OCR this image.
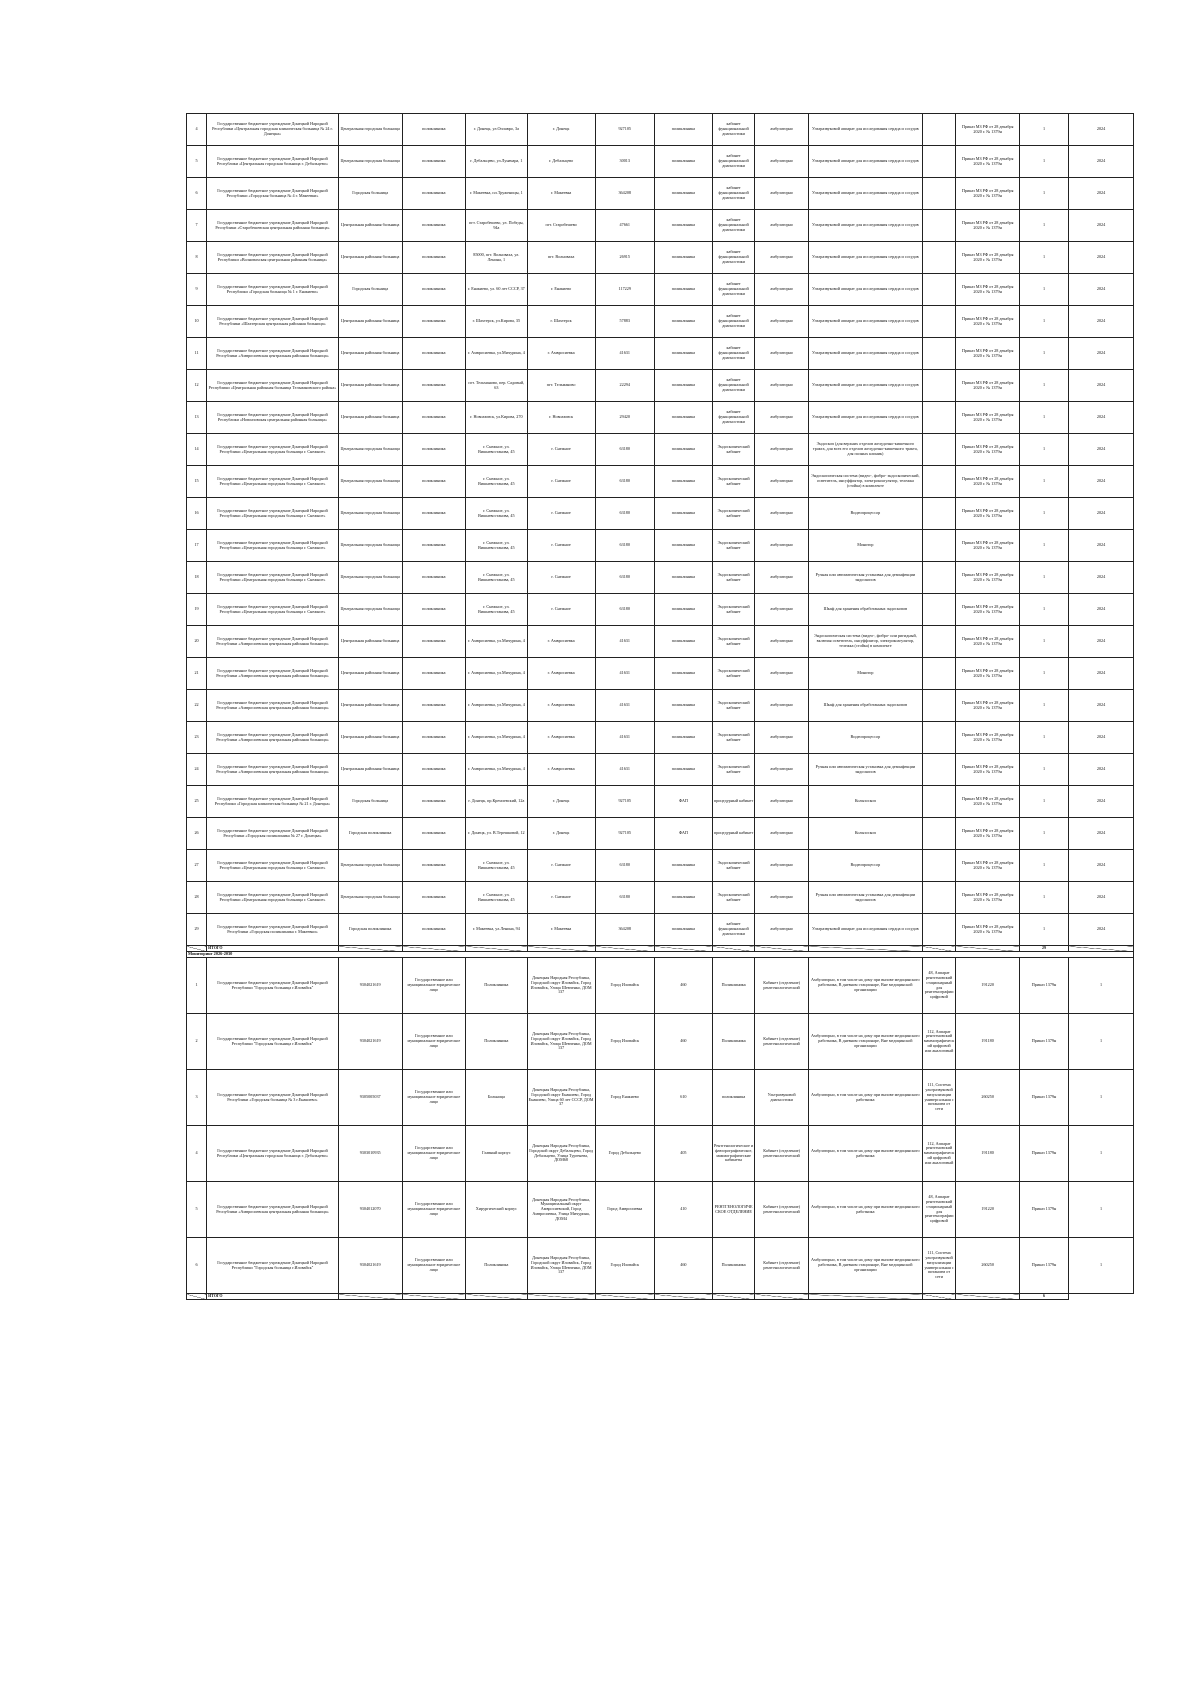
4	Государственное бюджетное учреждение Донецкой Народной Республики «Центральная городская клиническая больница № 24 г. Донецка»	Центральная городская больница	поликлиника	г. Донецк, ул.Оплавро, 3а	г. Донецк	927105	поликлиника	кабинет функциональной диагностики	амбулаторно	Ультразвуковой аппарат для исследования сердца и сосудов		Приказ МЗ РФ от 28 декабря 2020 г. № 1379н	1	2024
5	Государственное бюджетное учреждение Донецкой Народной Республики «Центральная городская больница г. Дебальцево»	Центральная городская больница	поликлиника	г. Дебальцево, ул.Луначара, 1	г. Дебальцево	30013	поликлиника	кабинет функциональной диагностики	амбулаторно	Ультразвуковой аппарат для исследования сердца и сосудов		Приказ МЗ РФ от 28 декабря 2020 г. № 1379н	1	2024
6	Государственное бюджетное учреждение Донецкой Народной Республики «Городская больница № 4 г. Макеевки»	Городская больница	поликлиника	г. Макеевка, пл.Труженицы, 1	г. Макеевка	364208	поликлиника	кабинет функциональной диагностики	амбулаторно	Ультразвуковой аппарат для исследования сердца и сосудов		Приказ МЗ РФ от 28 декабря 2020 г. № 1379н	1	2024
7	Государственное бюджетное учреждение Донецкой Народной Республики «Старобешевская центральная районная больница»	Центральная районная больница	поликлиника	пгт. Старобешево, ул. Победы, 94а	пгт. Старобешево	47661	поликлиника	кабинет функциональной диагностики	амбулаторно	Ультразвуковой аппарат для исследования сердца и сосудов		Приказ МЗ РФ от 28 декабря 2020 г. № 1379н	1	2024
8	Государственное бюджетное учреждение Донецкой Народной Республики «Волновахская центральная районная больница»	Центральная районная больница	поликлиника	85000, пгт. Волноваха, ул. Ленина, 1	пгт. Волноваха	26915	поликлиника	кабинет функциональной диагностики	амбулаторно	Ультразвуковой аппарат для исследования сердца и сосудов		Приказ МЗ РФ от 28 декабря 2020 г. № 1379н	1	2024
9	Государственное бюджетное учреждение Донецкой Народной Республики «Городская больница № 1 г. Енакиево»	Городская больница	поликлиника	г. Енакиево, ул. 60 лет СССР, 37	г. Енакиево	117229	поликлиника	кабинет функциональной диагностики	амбулаторно	Ультразвуковой аппарат для исследования сердца и сосудов		Приказ МЗ РФ от 28 декабря 2020 г. № 1379н	1	2024
10	Государственное бюджетное учреждение Донецкой Народной Республики «Шахтерская центральная районная больница»	Центральная районная больница	поликлиника	г. Шахтерск, ул.Кирова, 35	г. Шахтерск	57883	поликлиника	кабинет функциональной диагностики	амбулаторно	Ультразвуковой аппарат для исследования сердца и сосудов		Приказ МЗ РФ от 28 декабря 2020 г. № 1379н	1	2024
11	Государственное бюджетное учреждение Донецкой Народной Республики «Амвросиевская центральная районная больница»	Центральная районная больница	поликлиника	г. Амвросиевка, ул.Мичурина, 4	г. Амвросиевка	41631	поликлиника	кабинет функциональной диагностики	амбулаторно	Ультразвуковой аппарат для исследования сердца и сосудов		Приказ МЗ РФ от 28 декабря 2020 г. № 1379н	1	2024
12	Государственное бюджетное учреждение Донецкой Народной Республики «Центральная районная больница Тельмановского района»	Центральная районная больница	поликлиника	пгт. Тельманово, пер. Садовый, 63	пгт. Тельманово	22294	поликлиника	кабинет функциональной диагностики	амбулаторно	Ультразвуковой аппарат для исследования сердца и сосудов		Приказ МЗ РФ от 28 декабря 2020 г. № 1379н	1	2024
13	Государственное бюджетное учреждение Донецкой Народной Республики «Новоазовская центральная районная больница»	Центральная районная больница	поликлиника	г. Новоазовск, ул.Кирова, 270	г. Новоазовск	29420	поликлиника	кабинет функциональной диагностики	амбулаторно	Ультразвуковой аппарат для исследования сердца и сосудов		Приказ МЗ РФ от 28 декабря 2020 г. № 1379н	1	2024
14	Государственное бюджетное учреждение Донецкой Народной Республики «Центральная городская больница г. Снежное»	Центральная городская больница	поликлиника	г. Снежное, ул. Вишневостанова, 45	г. Снежное	63180	поликлиника	Эндоскопический кабинет	амбулаторно	Эндоскоп (для верхних отделов желудочно-кишечного тракта, для всех его отделов желудочно-кишечного тракта, для полных клиник)		Приказ МЗ РФ от 28 декабря 2020 г. № 1379н	1	2024
15	Государственное бюджетное учреждение Донецкой Народной Республики «Центральная городская больница г. Снежное»	Центральная городская больница	поликлиника	г. Снежное, ул. Вишневостанова, 45	г. Снежное	63180	поликлиника	Эндоскопический кабинет	амбулаторно	Эндоскопическая система (видео-, фибро- эндоскопический, осветитель, инсуффлятор, электрокоагулятор, тележка (стойка) в комплекте		Приказ МЗ РФ от 28 декабря 2020 г. № 1379н	1	2024
16	Государственное бюджетное учреждение Донецкой Народной Республики «Центральная городская больница г. Снежное»	Центральная городская больница	поликлиника	г. Снежное, ул. Вишневостанова, 45	г. Снежное	63180	поликлиника	Эндоскопический кабинет	амбулаторно	Видеопроцессор		Приказ МЗ РФ от 28 декабря 2020 г. № 1379н	1	2024
17	Государственное бюджетное учреждение Донецкой Народной Республики «Центральная городская больница г. Снежное»	Центральная городская больница	поликлиника	г. Снежное, ул. Вишневостанова, 45	г. Снежное	63180	поликлиника	Эндоскопический кабинет	амбулаторно	Монитор		Приказ МЗ РФ от 28 декабря 2020 г. № 1379н	1	2024
18	Государственное бюджетное учреждение Донецкой Народной Республики «Центральная городская больница г. Снежное»	Центральная городская больница	поликлиника	г. Снежное, ул. Вишневостанова, 45	г. Снежное	63180	поликлиника	Эндоскопический кабинет	амбулаторно	Ручная или автоматическая установка для дезинфекции эндоскопов		Приказ МЗ РФ от 28 декабря 2020 г. № 1379н	1	2024
19	Государственное бюджетное учреждение Донецкой Народной Республики «Центральная городская больница г. Снежное»	Центральная городская больница	поликлиника	г. Снежное, ул. Вишневостанова, 45	г. Снежное	63180	поликлиника	Эндоскопический кабинет	амбулаторно	Шкаф для хранения обработанных эндоскопов		Приказ МЗ РФ от 28 декабря 2020 г. № 1379н	1	2024
20	Государственное бюджетное учреждение Донецкой Народной Республики «Амвросиевская центральная районная больница»	Центральная районная больница	поликлиника	г. Амвросиевка, ул.Мичурина, 4	г. Амвросиевка	41631	поликлиника	Эндоскопический кабинет	амбулаторно	Эндоскопическая система (видео-, фибро- или ригидный, включая осветитель, инсуффлятор, электрокоагулятор, тележка (стойка) в комплекте		Приказ МЗ РФ от 28 декабря 2020 г. № 1379н	1	2024
21	Государственное бюджетное учреждение Донецкой Народной Республики «Амвросиевская центральная районная больница»	Центральная районная больница	поликлиника	г. Амвросиевка, ул.Мичурина, 4	г. Амвросиевка	41631	поликлиника	Эндоскопический кабинет	амбулаторно	Монитор		Приказ МЗ РФ от 28 декабря 2020 г. № 1379н	1	2024
22	Государственное бюджетное учреждение Донецкой Народной Республики «Амвросиевская центральная районная больница»	Центральная районная больница	поликлиника	г. Амвросиевка, ул.Мичурина, 4	г. Амвросиевка	41631	поликлиника	Эндоскопический кабинет	амбулаторно	Шкаф для хранения обработанных эндоскопов		Приказ МЗ РФ от 28 декабря 2020 г. № 1379н	1	2024
23	Государственное бюджетное учреждение Донецкой Народной Республики «Амвросиевская центральная районная больница»	Центральная районная больница	поликлиника	г. Амвросиевка, ул.Мичурина, 4	г. Амвросиевка	41631	поликлиника	Эндоскопический кабинет	амбулаторно	Видеопроцессор		Приказ МЗ РФ от 28 декабря 2020 г. № 1379н	1	2024
24	Государственное бюджетное учреждение Донецкой Народной Республики «Амвросиевская центральная районная больница»	Центральная районная больница	поликлиника	г. Амвросиевка, ул.Мичурина, 4	г. Амвросиевка	41631	поликлиника	Эндоскопический кабинет	амбулаторно	Ручная или автоматическая установка для дезинфекции эндоскопов		Приказ МЗ РФ от 28 декабря 2020 г. № 1379н	1	2024
25	Государственное бюджетное учреждение Донецкой Народной Республики «Городская клиническая больница № 21 г. Донецка»	Городская больница	поликлиника	г. Донецк, пр.Кремлевский, 12а	г. Донецк	927105	ФАП	процедурный кабинет	амбулаторно	Кольпоскоп		Приказ МЗ РФ от 28 декабря 2020 г. № 1379н	1	2024
26	Государственное бюджетное учреждение Донецкой Народной Республики «Городская поликлиника № 27 г. Донецка»	Городская поликлиника	поликлиника	г. Донецк, ул. В.Терешковой, 12	г. Донецк	927105	ФАП	процедурный кабинет	амбулаторно	Кольпоскоп		Приказ МЗ РФ от 28 декабря 2020 г. № 1379н	1	2024
27	Государственное бюджетное учреждение Донецкой Народной Республики «Центральная городская больница г. Снежное»	Центральная городская больница	поликлиника	г. Снежное, ул. Вишневостанова, 45	г. Снежное	63180	поликлиника	Эндоскопический кабинет	амбулаторно	Видеопроцессор		Приказ МЗ РФ от 28 декабря 2020 г. № 1379н	1	2024
28	Государственное бюджетное учреждение Донецкой Народной Республики «Центральная городская больница г. Снежное»	Центральная городская больница	поликлиника	г. Снежное, ул. Вишневостанова, 45	г. Снежное	63180	поликлиника	Эндоскопический кабинет	амбулаторно	Ручная или автоматическая установка для дезинфекции эндоскопов		Приказ МЗ РФ от 28 декабря 2020 г. № 1379н	1	2024
29	Государственное бюджетное учреждение Донецкой Народной Республики «Городская поликлиника г. Макеевки»	Городская поликлиника	поликлиника	г. Макеевка, ул.Ленина, 94	г. Макеевка	364208	поликлиника	кабинет функциональной диагностики	амбулаторно	Ультразвуковой аппарат для исследования сердца и сосудов		Приказ МЗ РФ от 28 декабря 2020 г. № 1379н	1	2024
	ИТОГО												29	
Мониторинг 2026-2030														
1	Государственное бюджетное учреждение Донецкой Народной Республики "Городская больница г.Иловайск"	9304021619	Государственное или муниципальное юридическое лицо	Поликлиника	Донецкая Народная Республика, Городской округ Иловайск, Город Иловайск, Улица Шевченко, ДОМ 137	Город Иловайск	460	Поликлиника	Кабинет (отделение) рентгенологический	Амбулаторно, в том числе на дому при вызове медицинского работника, В дневном стационаре, Вне медицинской организации	48, Аппарат рентгеновский стационарный для рентгенографии цифровой	191220	Приказ 1379н	1
2	Государственное бюджетное учреждение Донецкой Народной Республики "Городская больница г.Иловайск"	9304021619	Государственное или муниципальное юридическое лицо	Поликлиника	Донецкая Народная Республика, Городской округ Иловайск, Город Иловайск, Улица Шевченко, ДОМ 137	Город Иловайск	460	Поликлиника	Кабинет (отделение) рентгенологический	Амбулаторно, в том числе на дому при вызове медицинского работника, В дневном стационаре, Вне медицинской организации	112, Аппарат рентгеновский маммографический цифровой или аналоговый	191180	Приказ 1379н	1
3	Государственное бюджетное учреждение Донецкой Народной Республики «Городская больница № 3 г.Енакиево»	9305005037	Государственное или муниципальное юридическое лицо	Больница	Донецкая Народная Республика, Городской округ Енакиево, Город Енакиево, Улица 60 лет СССР, ДОМ 37	Город Енакиево	610	поликлиника	Ультразвуковой диагностики	Амбулаторно, в том числе на дому при вызове медицинского работника	111, Система ультразвуковой визуализации универсальная с питанием от сети	260250	Приказ 1379н	1
4	Государственное бюджетное учреждение Донецкой Народной Республики «Центральная городская больница г. Дебальцево»	9303010935	Государственное или муниципальное юридическое лицо	Главный корпус	Донецкая Народная Республика, Городской округ Дебальцево, Город Дебальцево, Улица Тургенева, ДОМ68	Город Дебальцево	405	Рентгенологическое и флюорографическое, маммографические кабинеты	Кабинет (отделение) рентгенологический	Амбулаторно, в том числе на дому при вызове медицинского работника	112, Аппарат рентгеновский маммографический цифровой или аналоговый	191180	Приказ 1379н	1
5	Государственное бюджетное учреждение Донецкой Народной Республики «Амвросиевская центральная районная больница»	9304012070	Государственное или муниципальное юридическое лицо	Хирургический корпус	Донецкая Народная Республика, Муниципальный округ Амвросиевский, Город Амвросиевка, Улица Мичурина, ДОМ4	Город Амвросиевка	410	РЕНТГЕНОЛОГИЧЕСКОЕ ОТДЕЛЕНИЕ	Кабинет (отделение) рентгенологический	Амбулаторно, в том числе на дому при вызове медицинского работника	48, Аппарат рентгеновский стационарный для рентгенографии цифровой	191220	Приказ 1379н	1
6	Государственное бюджетное учреждение Донецкой Народной Республики "Городская больница г.Иловайск"	9304021619	Государственное или муниципальное юридическое лицо	Поликлиника	Донецкая Народная Республика, Городской округ Иловайск, Город Иловайск, Улица Шевченко, ДОМ 137	Город Иловайск	460	Поликлиника	Кабинет (отделение) рентгенологический	Амбулаторно, в том числе на дому при вызове медицинского работника, В дневном стационаре, Вне медицинской организации	111, Система ультразвуковой визуализации универсальная с питанием от сети	260250	Приказ 1379н	1
	ИТОГО												6	
